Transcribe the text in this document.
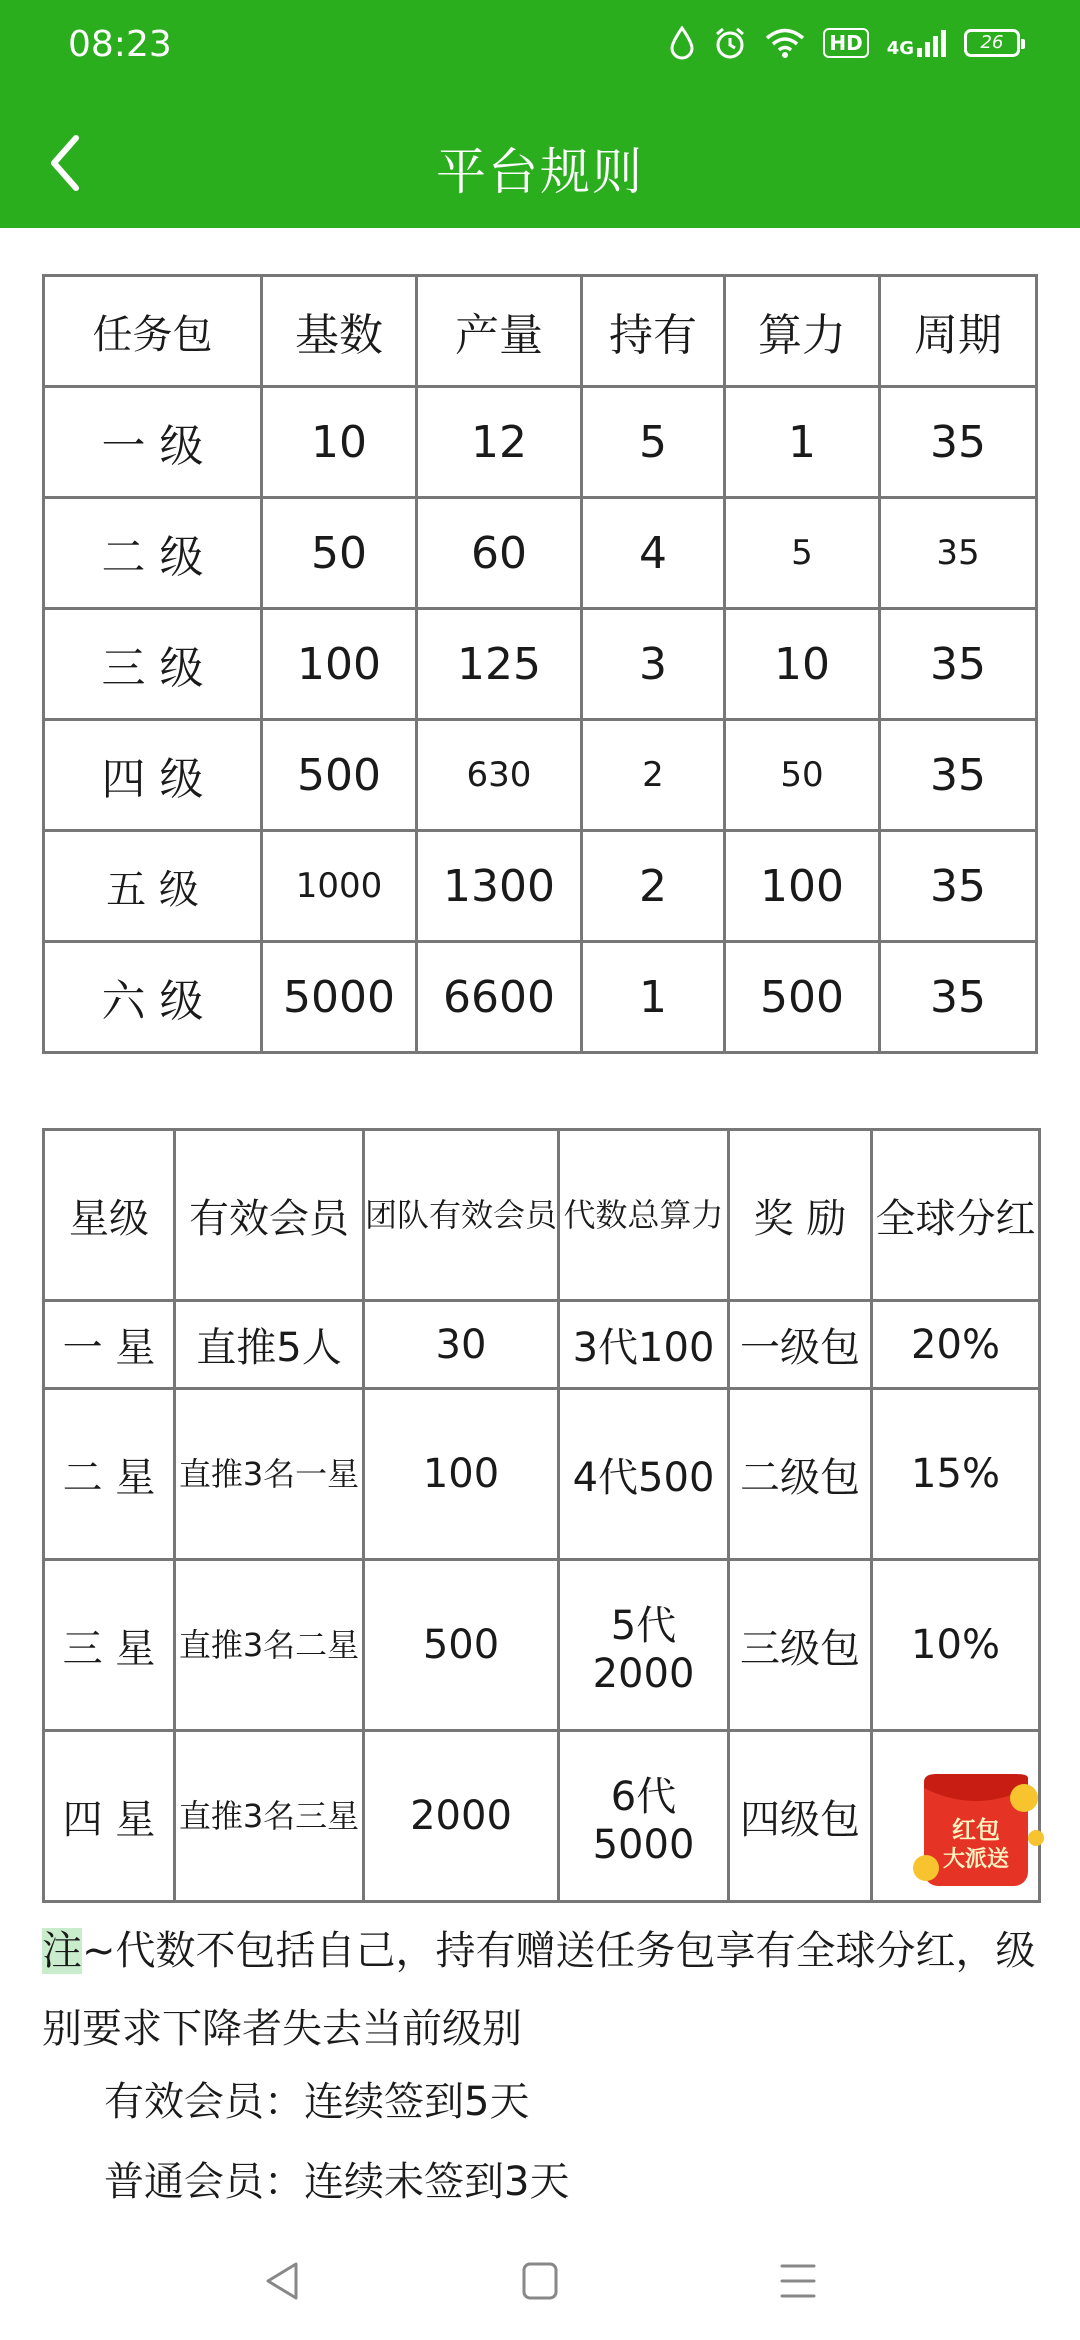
08:23	HD	4G	26
平台规则
任务包	基数	产量	持有	算力	周期
一 级	10	12	5	1	35
二 级	50	60	4	5	35
三 级	100	125	3	10	35
四 级	500	630	2	50	35
五 级	1000	1300	2	100	35
六 级	5000	6600	1	500	35
星级	有效会员	团队有效会员	代数总算力	奖 励	全球分红
一 星	直推5人	30	3代100	一级包	20%
二 星	直推3名一星	100	4代500	二级包	15%
三 星	直推3名二星	500	5代2000	三级包	10%
四 星	直推3名三星	2000	6代5000	四级包		红包
大派送
注~代数不包括自己，持有赠送任务包享有全球分红，级别要求下降者失去当前级别
有效会员：连续签到5天
普通会员：连续未签到3天
